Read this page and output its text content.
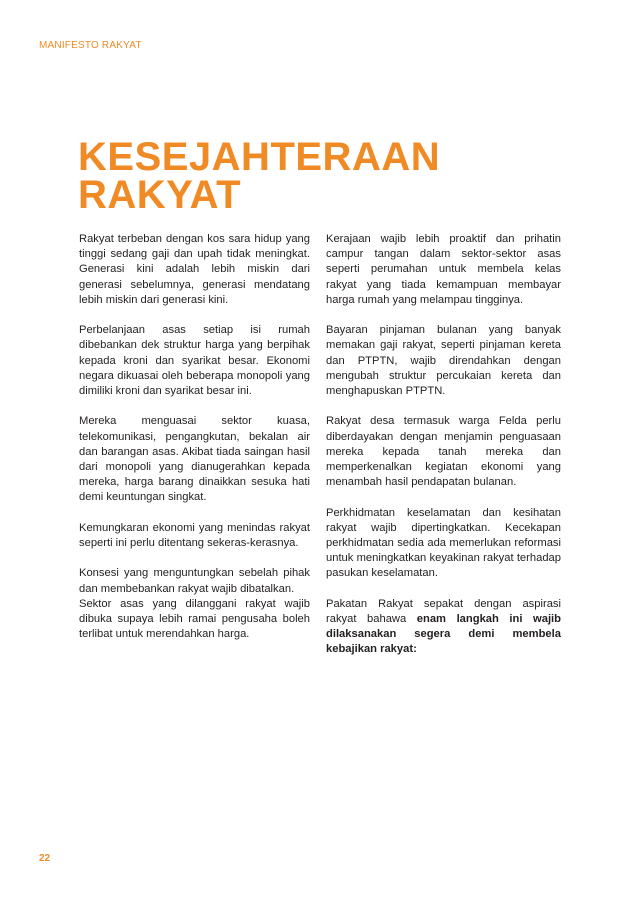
MANIFESTO RAKYAT
KESEJAHTERAAN
RAKYAT

Rakyat terbeban dengan kos sara hidup yang tinggi sedang gaji dan upah tidak meningkat. Generasi kini adalah lebih miskin dari generasi sebelumnya, generasi mendatang lebih miskin dari generasi kini.

Perbelanjaan asas setiap isi rumah dibebankan dek struktur harga yang berpihak kepada kroni dan syarikat besar. Ekonomi negara dikuasai oleh beberapa monopoli yang dimiliki kroni dan syarikat besar ini.

Mereka menguasai sektor kuasa, telekomunikasi, pengangkutan, bekalan air dan barangan asas. Akibat tiada saingan hasil dari monopoli yang dianugerahkan kepada mereka, harga barang dinaikkan sesuka hati demi keuntungan singkat.

Kemungkaran ekonomi yang menindas rakyat seperti ini perlu ditentang sekeras-kerasnya.

Konsesi yang menguntungkan sebelah pihak dan membebankan rakyat wajib dibatalkan.

Sektor asas yang dilanggani rakyat wajib dibuka supaya lebih ramai pengusaha boleh terlibat untuk merendahkan harga.

Kerajaan wajib lebih proaktif dan prihatin campur tangan dalam sektor-sektor asas seperti perumahan untuk membela kelas rakyat yang tiada kemampuan membayar harga rumah yang melampau tingginya.

Bayaran pinjaman bulanan yang banyak memakan gaji rakyat, seperti pinjaman kereta dan PTPTN, wajib direndahkan dengan mengubah struktur percukaian kereta dan menghapuskan PTPTN.

Rakyat desa termasuk warga Felda perlu diberdayakan dengan menjamin penguasaan mereka kepada tanah mereka dan memperkenalkan kegiatan ekonomi yang menambah hasil pendapatan bulanan.

Perkhidmatan keselamatan dan kesihatan rakyat wajib dipertingkatkan. Kecekapan perkhidmatan sedia ada memerlukan reformasi untuk meningkatkan keyakinan rakyat terhadap pasukan keselamatan.

Pakatan Rakyat sepakat dengan aspirasi rakyat bahawa enam langkah ini wajib dilaksanakan segera demi membela kebajikan rakyat:

22
